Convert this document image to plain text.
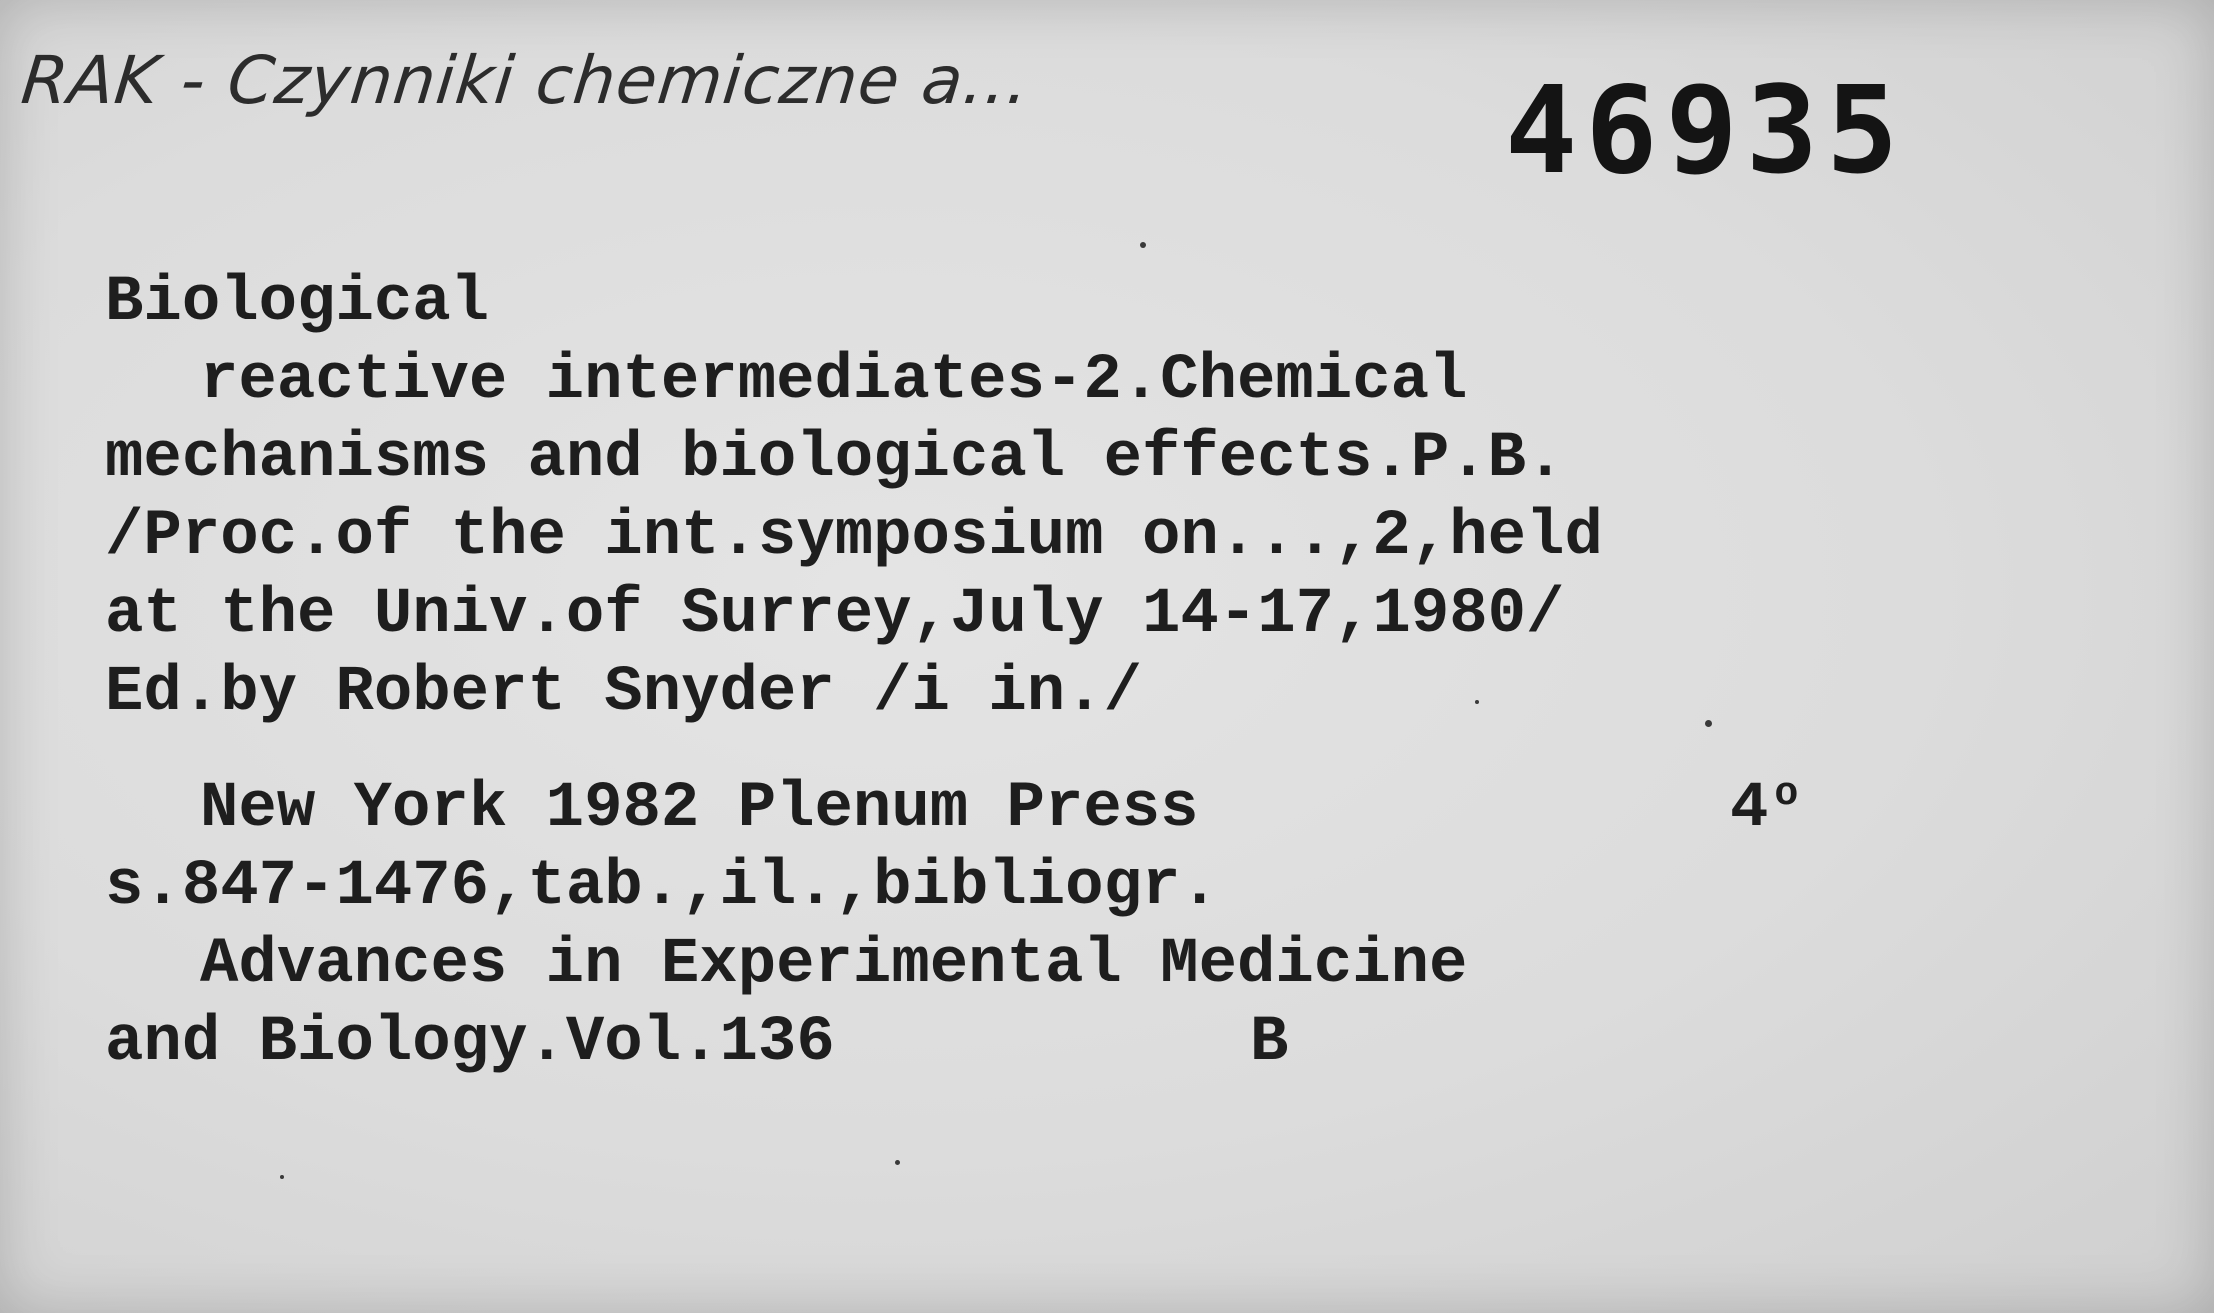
RAK - Czynniki chemiczne a...	46935
Biological
reactive intermediates-2.Chemical
mechanisms and biological effects.P.B.
/Proc.of the int.symposium on...,2,held
at the Univ.of Surrey,July 14-17,1980/
Ed.by Robert Snyder /i in./
New York 1982 Plenum Press	4 $^o$
s.847-1476,tab.,il.,bibliogr.
Advances in Experimental Medicine
and Biology.Vol.136	B
